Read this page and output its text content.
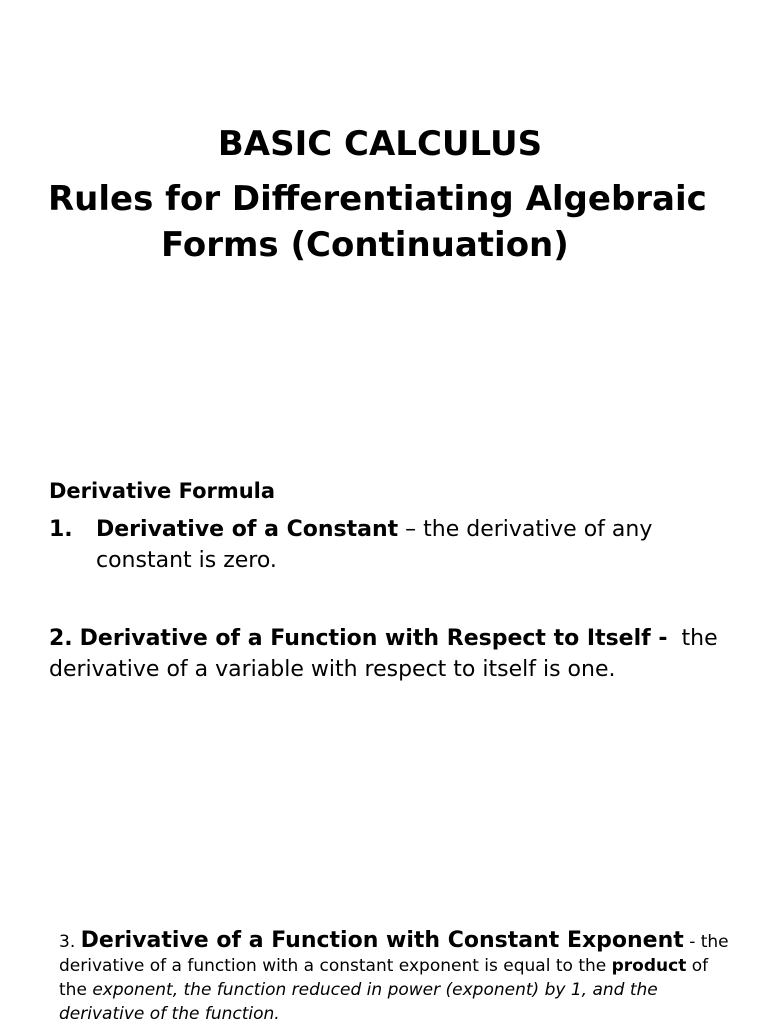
BASIC CALCULUS
Rules for Differentiating Algebraic
Forms (Continuation)
Derivative Formula
1. Derivative of a Constant – the derivative of any constant is zero.
2. Derivative of a Function with Respect to Itself - the derivative of a variable with respect to itself is one.
3. Derivative of a Function with Constant Exponent - the derivative of a function with a constant exponent is equal to the product of the exponent, the function reduced in power (exponent) by 1, and the derivative of the function.
